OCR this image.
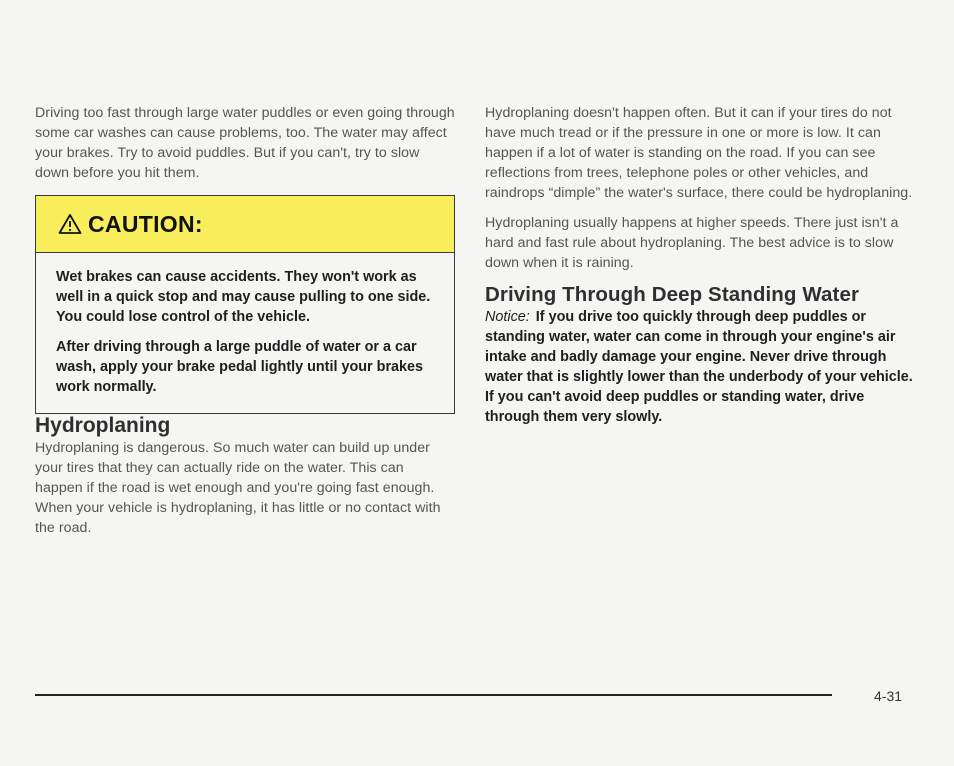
Driving too fast through large water puddles or even going through some car washes can cause problems, too. The water may affect your brakes. Try to avoid puddles. But if you can't, try to slow down before you hit them.

CAUTION:

Wet brakes can cause accidents. They won't work as well in a quick stop and may cause pulling to one side. You could lose control of the vehicle.

After driving through a large puddle of water or a car wash, apply your brake pedal lightly until your brakes work normally.

Hydroplaning

Hydroplaning is dangerous. So much water can build up under your tires that they can actually ride on the water. This can happen if the road is wet enough and you're going fast enough. When your vehicle is hydroplaning, it has little or no contact with the road.

Hydroplaning doesn't happen often. But it can if your tires do not have much tread or if the pressure in one or more is low. It can happen if a lot of water is standing on the road. If you can see reflections from trees, telephone poles or other vehicles, and raindrops “dimple” the water's surface, there could be hydroplaning.

Hydroplaning usually happens at higher speeds. There just isn't a hard and fast rule about hydroplaning. The best advice is to slow down when it is raining.

Driving Through Deep Standing Water

Notice: If you drive too quickly through deep puddles or standing water, water can come in through your engine's air intake and badly damage your engine. Never drive through water that is slightly lower than the underbody of your vehicle. If you can't avoid deep puddles or standing water, drive through them very slowly.

4-31
